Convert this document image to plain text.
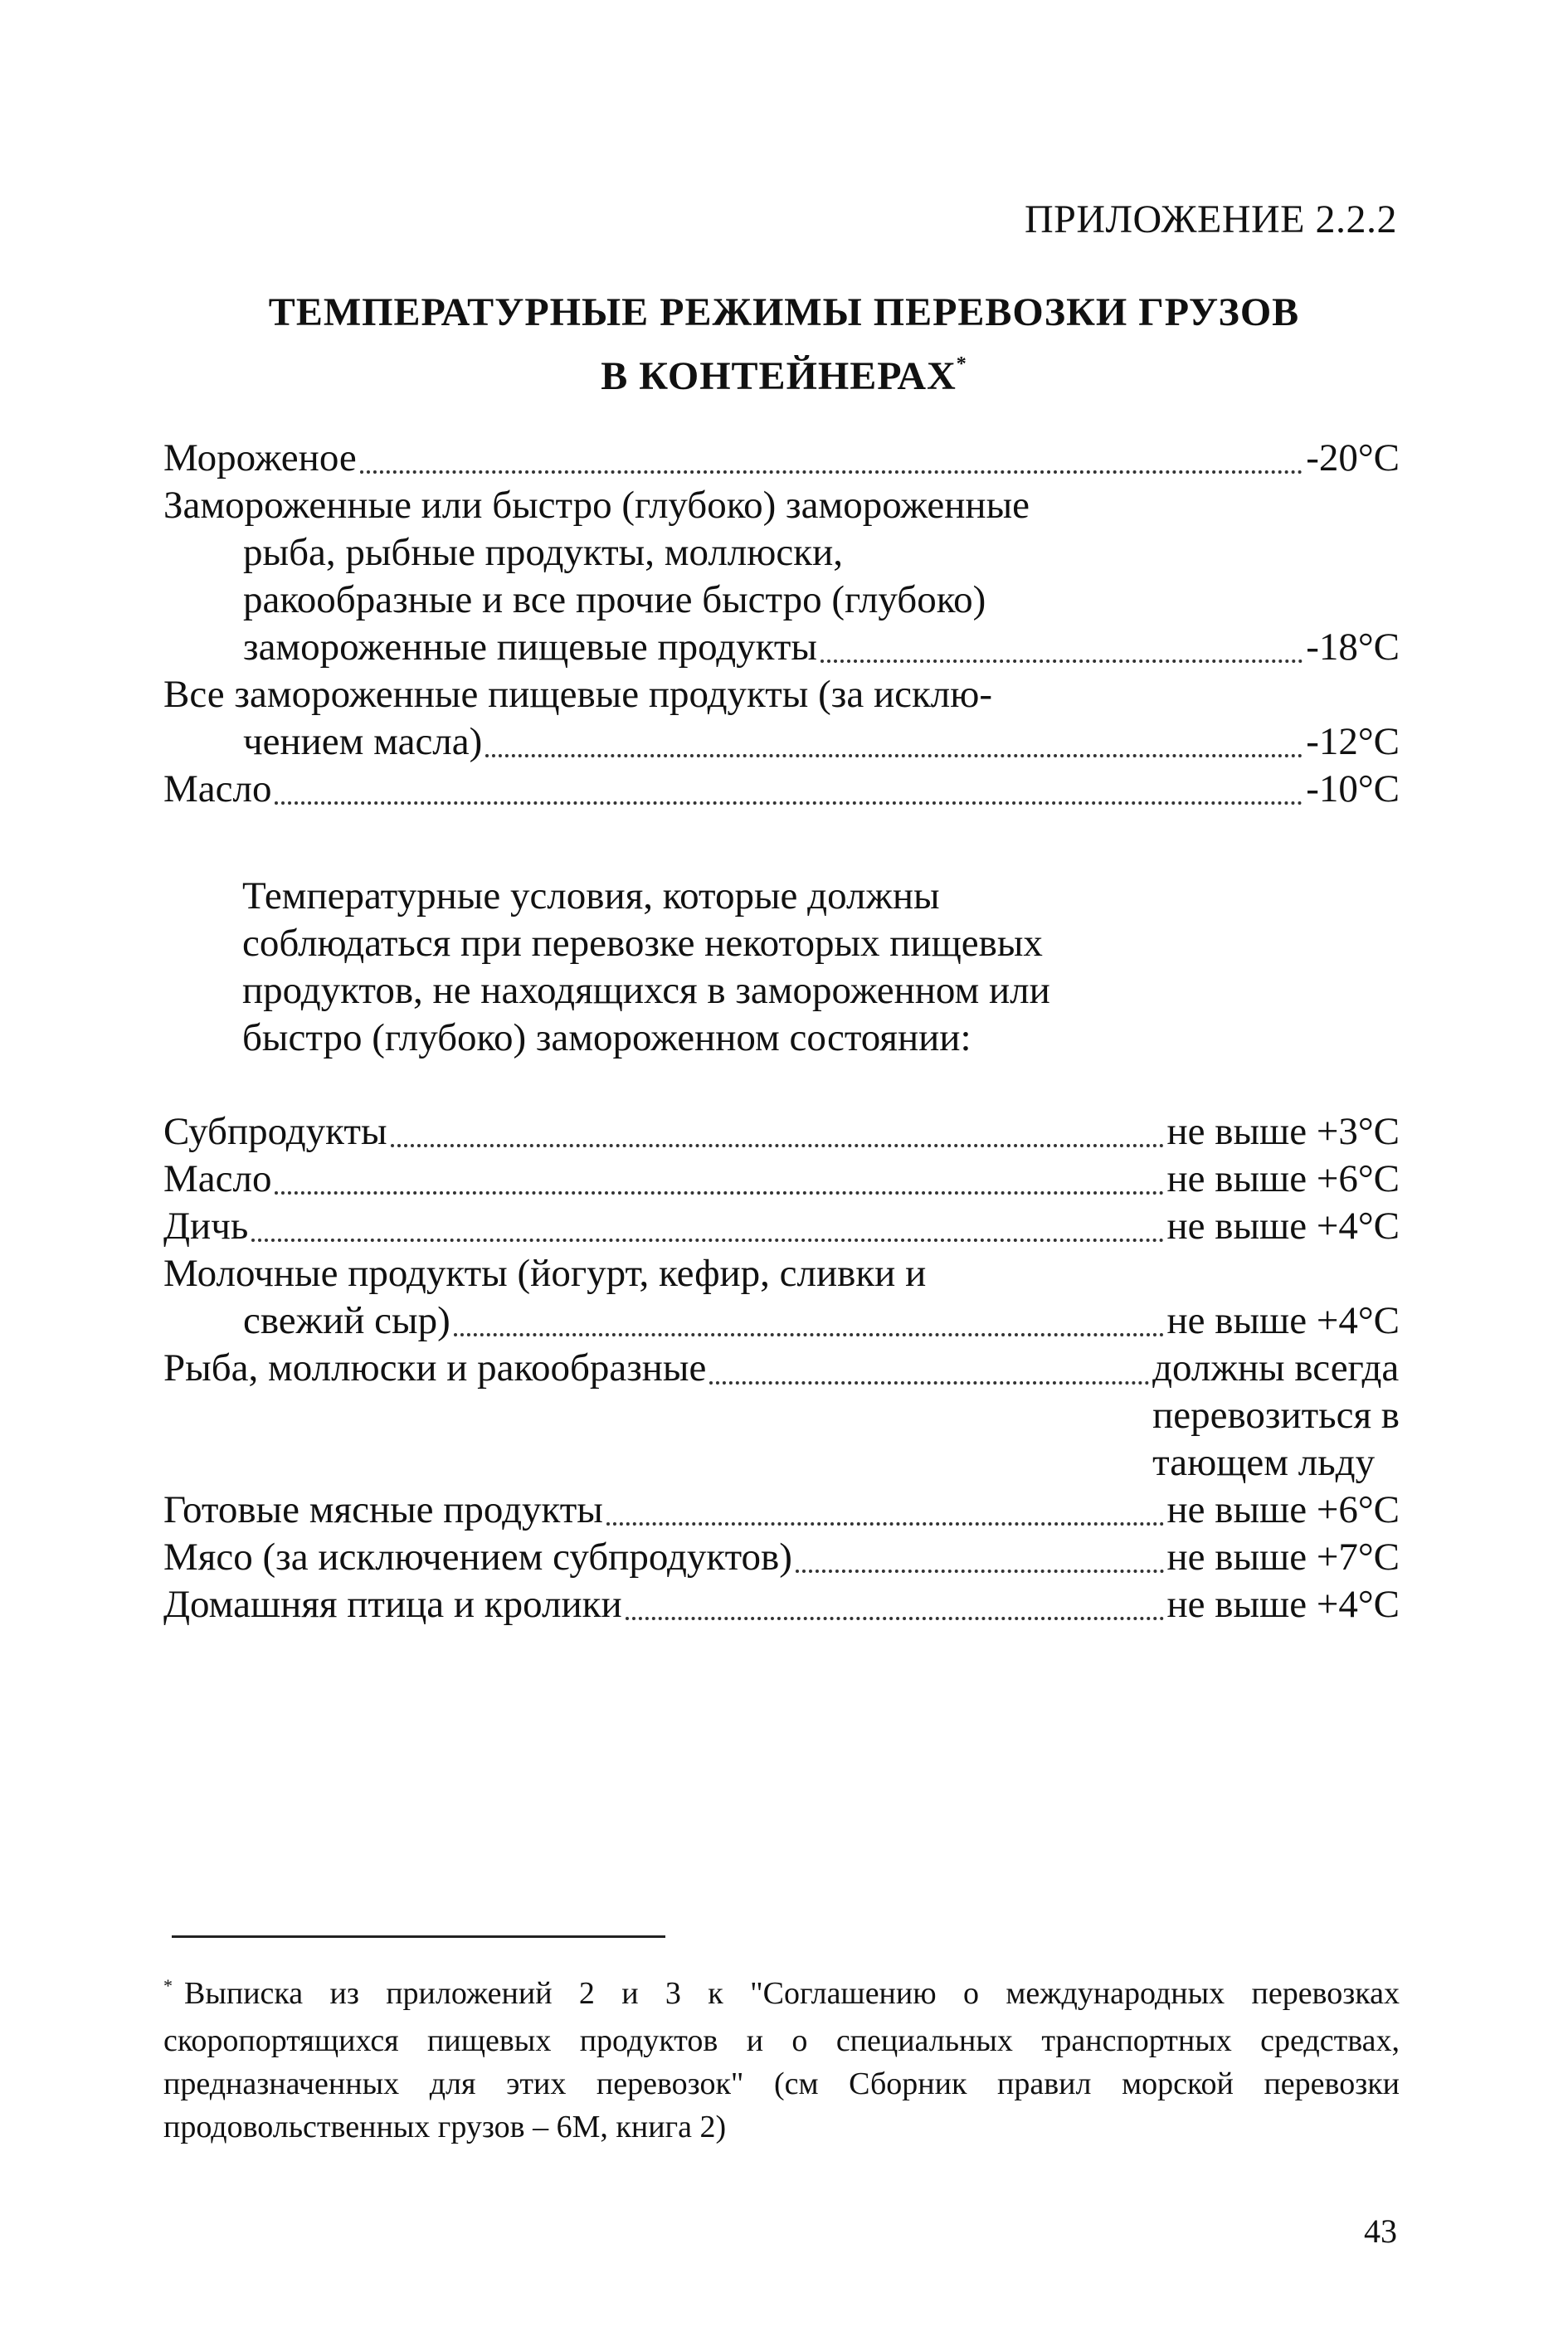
ПРИЛОЖЕНИЕ 2.2.2
ТЕМПЕРАТУРНЫЕ РЕЖИМЫ ПЕРЕВОЗКИ ГРУЗОВ
В КОНТЕЙНЕРАХ*
Мороженое	-20°С
Замороженные или быстро (глубоко) замороженные
рыба, рыбные продукты, моллюски,
ракообразные и все прочие быстро (глубоко)
замороженные пищевые продукты	-18°С
Все замороженные пищевые продукты (за исклю-
чением масла)	-12°С
Масло	-10°С
Температурные условия, которые должны
соблюдаться при перевозке некоторых пищевых
продуктов, не находящихся в замороженном или
быстро (глубоко) замороженном состоянии:
Субпродукты	не выше +3°С
Масло	не выше +6°С
Дичь	не выше +4°С
Молочные продукты (йогурт, кефир, сливки и
свежий сыр)	не выше +4°С
Рыба, моллюски и ракообразные	должны всегда
перевозиться в
тающем льду
Готовые мясные продукты	не выше +6°С
Мясо (за исключением субпродуктов)	не выше +7°С
Домашняя птица и кролики	не выше +4°С
* Выписка из приложений 2 и 3 к "Соглашению о международных перевозках скоропортящихся пищевых продуктов и о специальных транспортных средствах, предназначенных для этих перевозок" (см Сборник правил морской перевозки продовольственных грузов – 6М, книга 2)
43
